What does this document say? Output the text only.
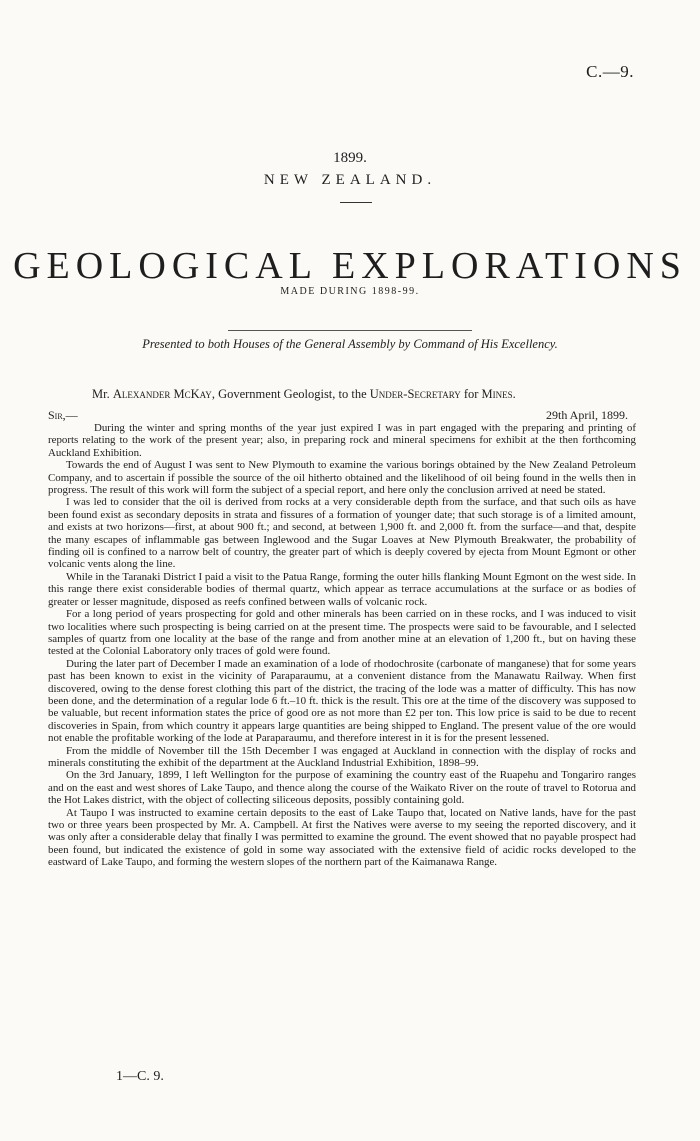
C.—9.
1899.
NEW ZEALAND.
GEOLOGICAL EXPLORATIONS
MADE DURING 1898-99.
Presented to both Houses of the General Assembly by Command of His Excellency.
Mr. Alexander McKay, Government Geologist, to the Under-Secretary for Mines.
Sir,—	29th April, 1899.

During the winter and spring months of the year just expired I was in part engaged with the preparing and printing of reports relating to the work of the present year; also, in preparing rock and mineral specimens for exhibit at the then forthcoming Auckland Exhibition.

Towards the end of August I was sent to New Plymouth to examine the various borings obtained by the New Zealand Petroleum Company, and to ascertain if possible the source of the oil hitherto obtained and the likelihood of oil being found in the wells then in progress. The result of this work will form the subject of a special report, and here only the conclusion arrived at need be stated.

I was led to consider that the oil is derived from rocks at a very considerable depth from the surface, and that such oils as have been found exist as secondary deposits in strata and fissures of a formation of younger date; that such storage is of a limited amount, and exists at two horizons—first, at about 900 ft.; and second, at between 1,900 ft. and 2,000 ft. from the surface—and that, despite the many escapes of inflammable gas between Inglewood and the Sugar Loaves at New Plymouth Breakwater, the probability of finding oil is confined to a narrow belt of country, the greater part of which is deeply covered by ejecta from Mount Egmont or other volcanic vents along the line.

While in the Taranaki District I paid a visit to the Patua Range, forming the outer hills flanking Mount Egmont on the west side. In this range there exist considerable bodies of thermal quartz, which appear as terrace accumulations at the surface or as bodies of greater or lesser magnitude, disposed as reefs confined between walls of volcanic rock.

For a long period of years prospecting for gold and other minerals has been carried on in these rocks, and I was induced to visit two localities where such prospecting is being carried on at the present time. The prospects were said to be favourable, and I selected samples of quartz from one locality at the base of the range and from another mine at an elevation of 1,200 ft., but on having these tested at the Colonial Laboratory only traces of gold were found.

During the later part of December I made an examination of a lode of rhodochrosite (carbonate of manganese) that for some years past has been known to exist in the vicinity of Paraparaumu, at a convenient distance from the Manawatu Railway. When first discovered, owing to the dense forest clothing this part of the district, the tracing of the lode was a matter of difficulty. This has now been done, and the determination of a regular lode 6 ft.–10 ft. thick is the result. This ore at the time of the discovery was supposed to be valuable, but recent information states the price of good ore as not more than £2 per ton. This low price is said to be due to recent discoveries in Spain, from which country it appears large quantities are being shipped to England. The present value of the ore would not enable the profitable working of the lode at Paraparaumu, and therefore interest in it is for the present lessened.

From the middle of November till the 15th December I was engaged at Auckland in connection with the display of rocks and minerals constituting the exhibit of the department at the Auckland Industrial Exhibition, 1898–99.

On the 3rd January, 1899, I left Wellington for the purpose of examining the country east of the Ruapehu and Tongariro ranges and on the east and west shores of Lake Taupo, and thence along the course of the Waikato River on the route of travel to Rotorua and the Hot Lakes district, with the object of collecting siliceous deposits, possibly containing gold.

At Taupo I was instructed to examine certain deposits to the east of Lake Taupo that, located on Native lands, have for the past two or three years been prospected by Mr. A. Campbell. At first the Natives were averse to my seeing the reported discovery, and it was only after a considerable delay that finally I was permitted to examine the ground. The event showed that no payable prospect had been found, but indicated the existence of gold in some way associated with the extensive field of acidic rocks developed to the eastward of Lake Taupo, and forming the western slopes of the northern part of the Kaimanawa Range.

1—C. 9.
